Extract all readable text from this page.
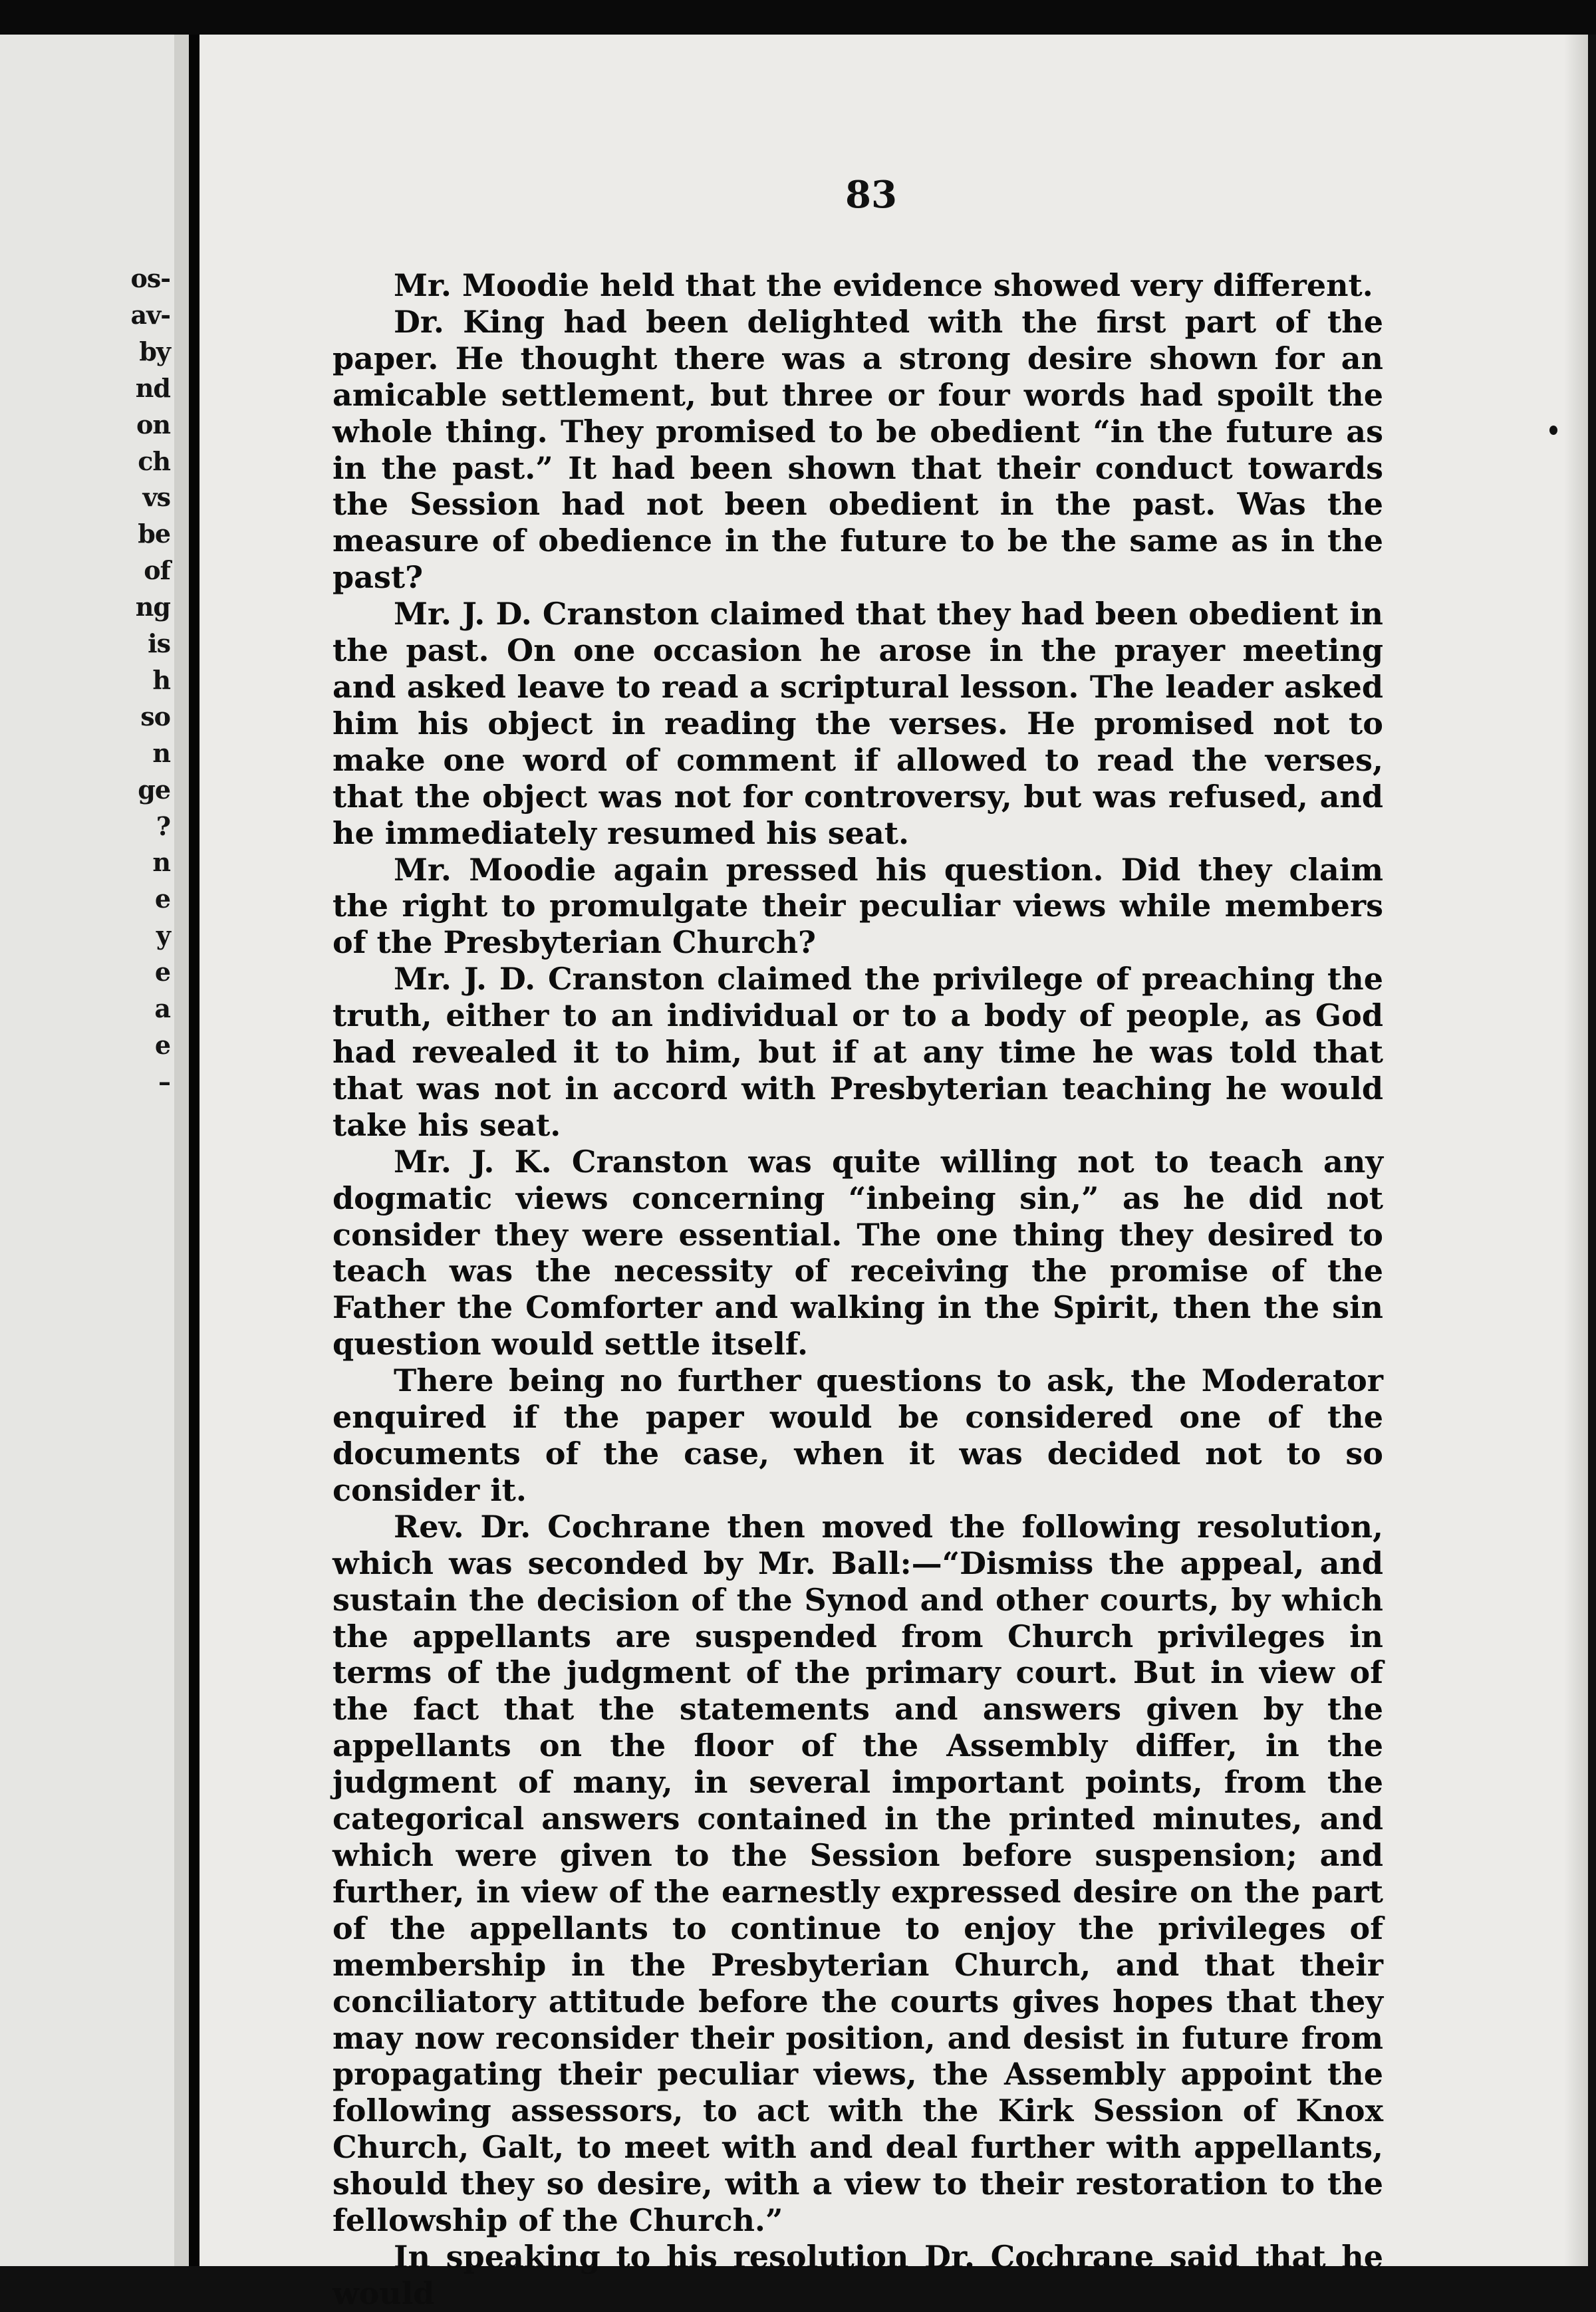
os-
av-
by
nd
on
ch
vs
be
of
ng
is
h
so
n
ge
?
n
e
y
e
a
e
–
83

Mr. Moodie held that the evidence showed very different.

Dr. King had been delighted with the first part of the paper. He thought there was a strong desire shown for an amicable settlement, but three or four words had spoilt the whole thing. They promised to be obedient “in the future as in the past.” It had been shown that their conduct towards the Session had not been obedient in the past. Was the measure of obedience in the future to be the same as in the past?

Mr. J. D. Cranston claimed that they had been obedient in the past. On one occasion he arose in the prayer meeting and asked leave to read a scriptural lesson. The leader asked him his object in reading the verses. He promised not to make one word of comment if allowed to read the verses, that the object was not for controversy, but was refused, and he immediately resumed his seat.

Mr. Moodie again pressed his question. Did they claim the right to promulgate their peculiar views while members of the Presbyterian Church?

Mr. J. D. Cranston claimed the privilege of preaching the truth, either to an individual or to a body of people, as God had revealed it to him, but if at any time he was told that that was not in accord with Presbyterian teaching he would take his seat.

Mr. J. K. Cranston was quite willing not to teach any dogmatic views concerning “inbeing sin,” as he did not consider they were essential. The one thing they desired to teach was the necessity of receiving the promise of the Father the Comforter and walking in the Spirit, then the sin question would settle itself.

There being no further questions to ask, the Moderator enquired if the paper would be considered one of the documents of the case, when it was decided not to so consider it.

Rev. Dr. Cochrane then moved the following resolution, which was seconded by Mr. Ball:—“Dismiss the appeal, and sustain the decision of the Synod and other courts, by which the appellants are suspended from Church privileges in terms of the judgment of the primary court. But in view of the fact that the statements and answers given by the appellants on the floor of the Assembly differ, in the judgment of many, in several important points, from the categorical answers contained in the printed minutes, and which were given to the Session before suspension; and further, in view of the earnestly expressed desire on the part of the appellants to continue to enjoy the privileges of membership in the Presbyterian Church, and that their conciliatory attitude before the courts gives hopes that they may now reconsider their position, and desist in future from propagating their peculiar views, the Assembly appoint the following assessors, to act with the Kirk Session of Knox Church, Galt, to meet with and deal further with appellants, should they so desire, with a view to their restoration to the fellowship of the Church.”

In speaking to his resolution Dr. Cochrane said that he would
